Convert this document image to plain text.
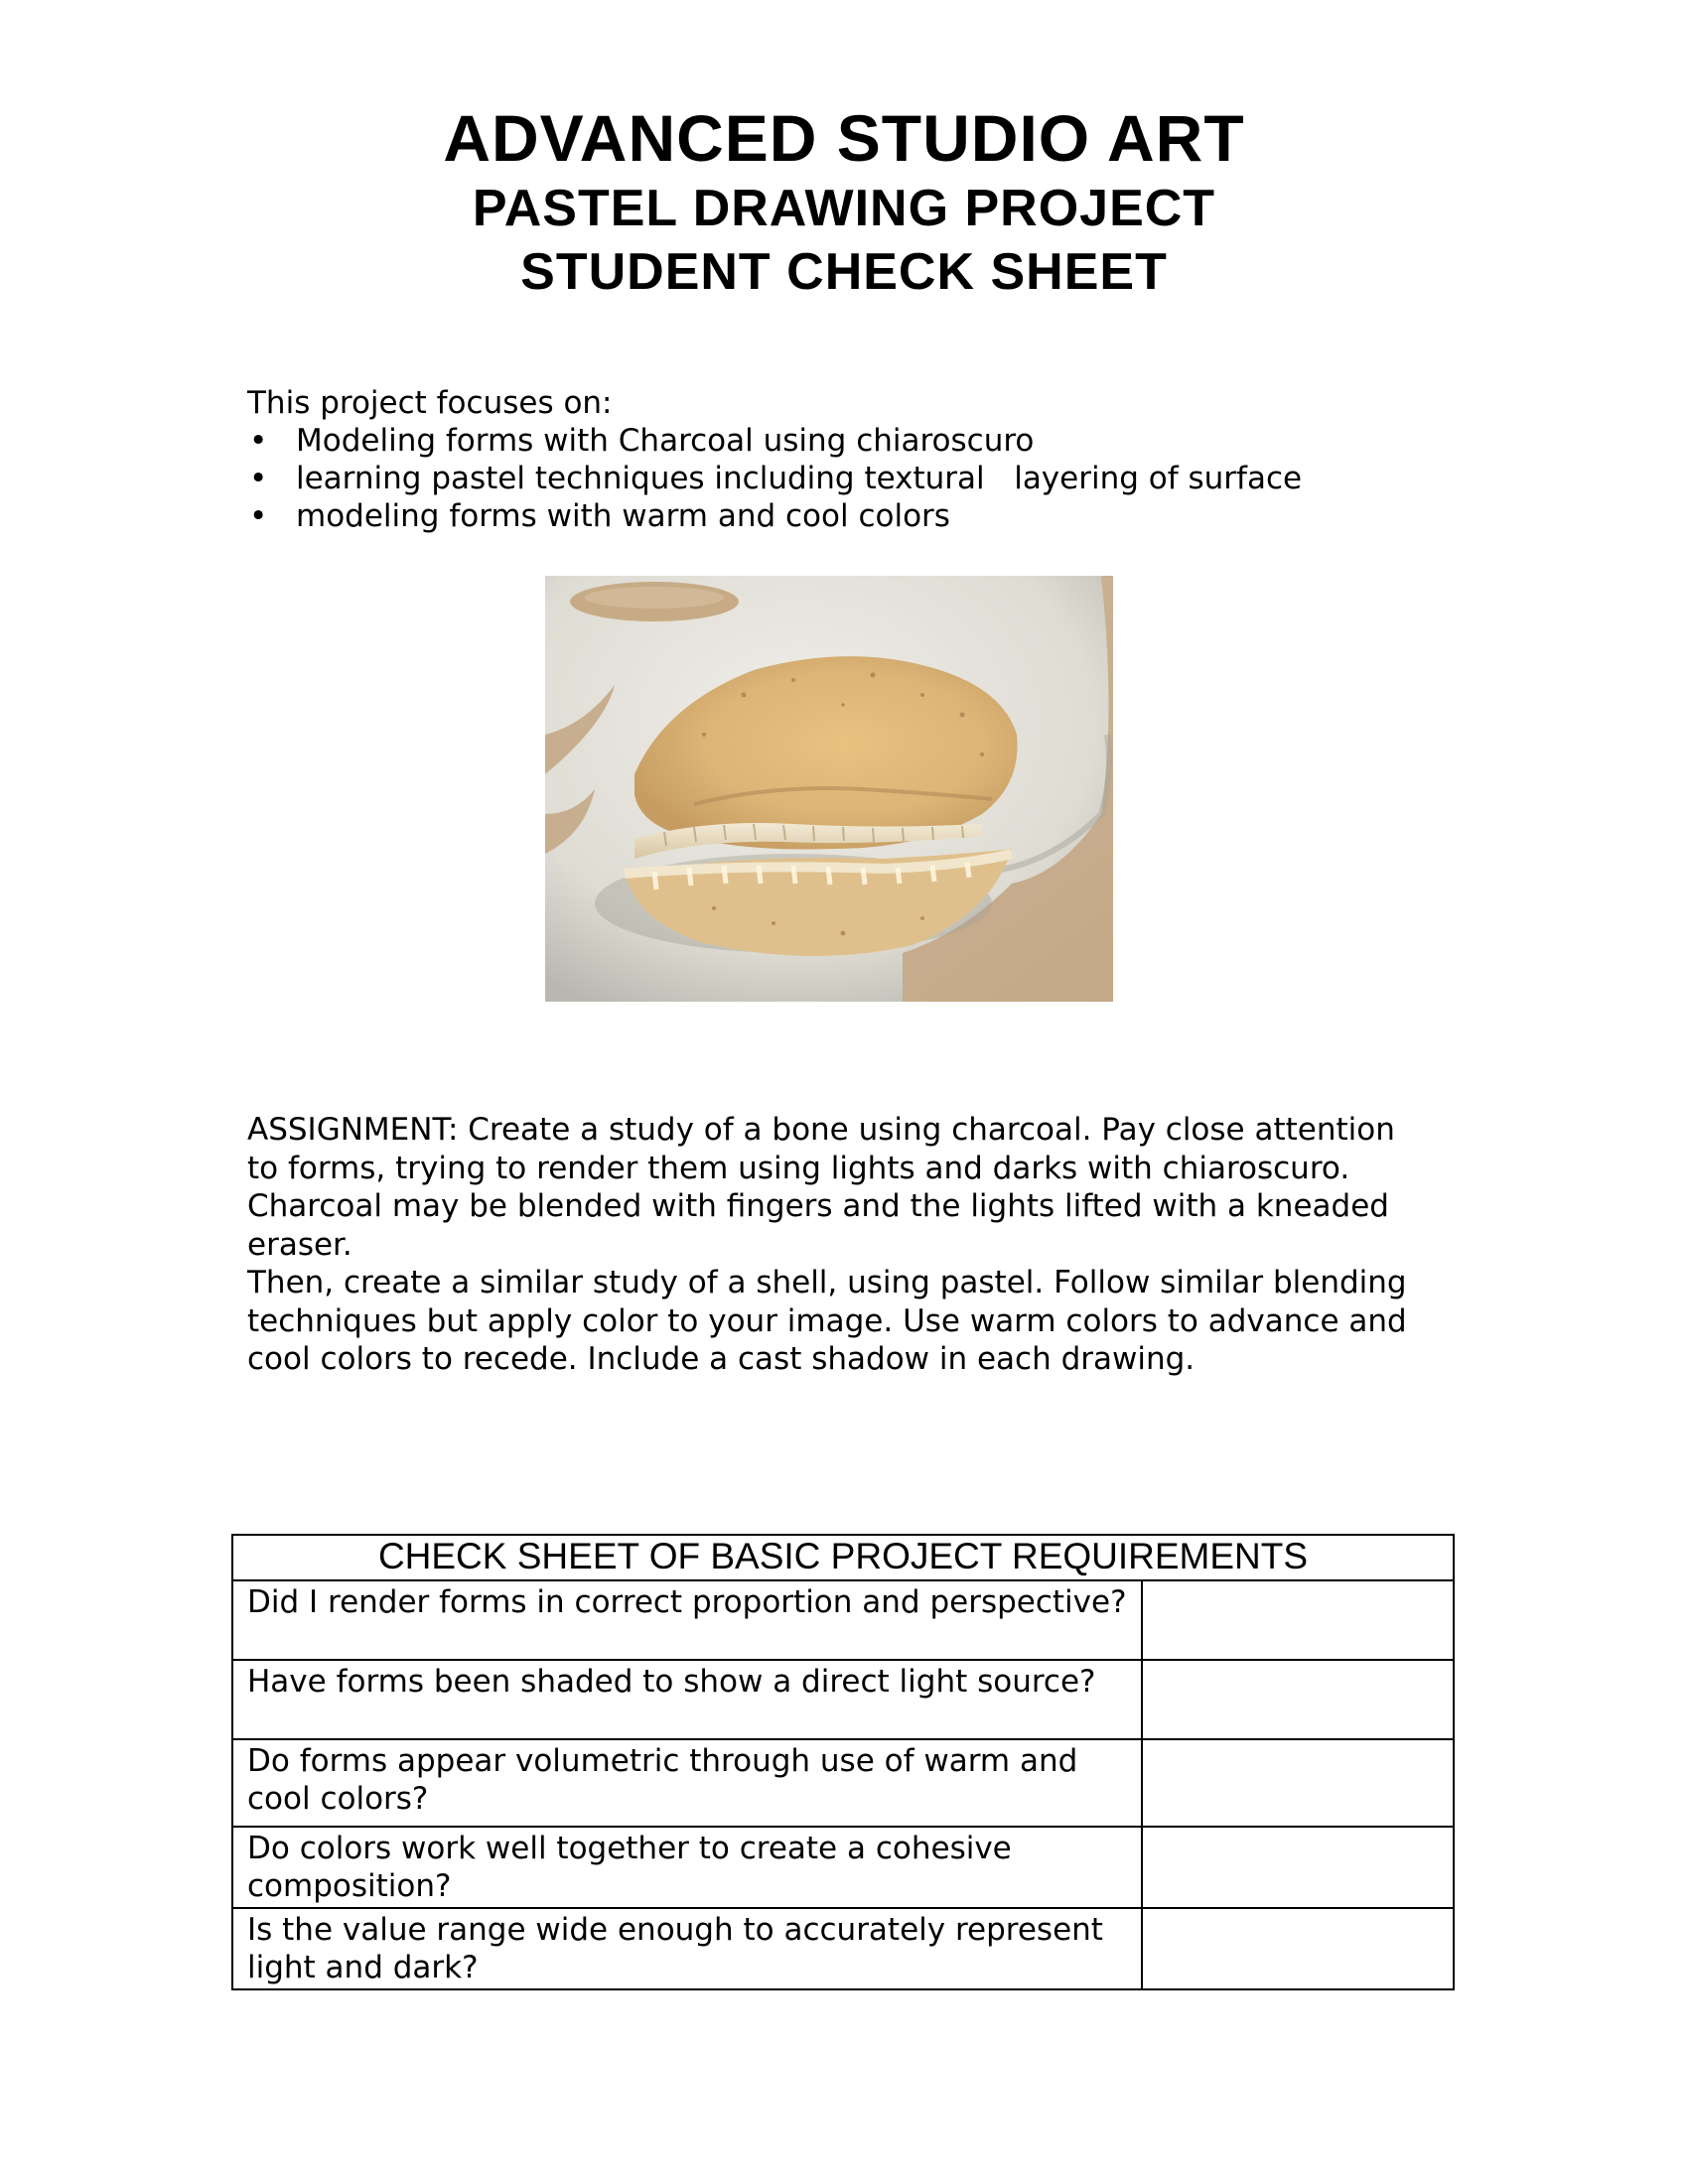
ADVANCED STUDIO ART
PASTEL DRAWING PROJECT
STUDENT CHECK SHEET
This project focuses on:
• Modeling forms with Charcoal using chiaroscuro
• learning pastel techniques including textural   layering of surface
• modeling forms with warm and cool colors

ASSIGNMENT: Create a study of a bone using charcoal. Pay close attention to forms, trying to render them using lights and darks with chiaroscuro. Charcoal may be blended with fingers and the lights lifted with a kneaded eraser.

Then, create a similar study of a shell, using pastel. Follow similar blending techniques but apply color to your image. Use warm colors to advance and cool colors to recede. Include a cast shadow in each drawing.

CHECK SHEET OF BASIC PROJECT REQUIREMENTS	
Did I render forms in correct proportion and perspective?	
Have forms been shaded to show a direct light source?	
Do forms appear volumetric through use of warm and cool colors?	
Do colors work well together to create a cohesive composition?	
Is the value range wide enough to accurately represent light and dark?	
